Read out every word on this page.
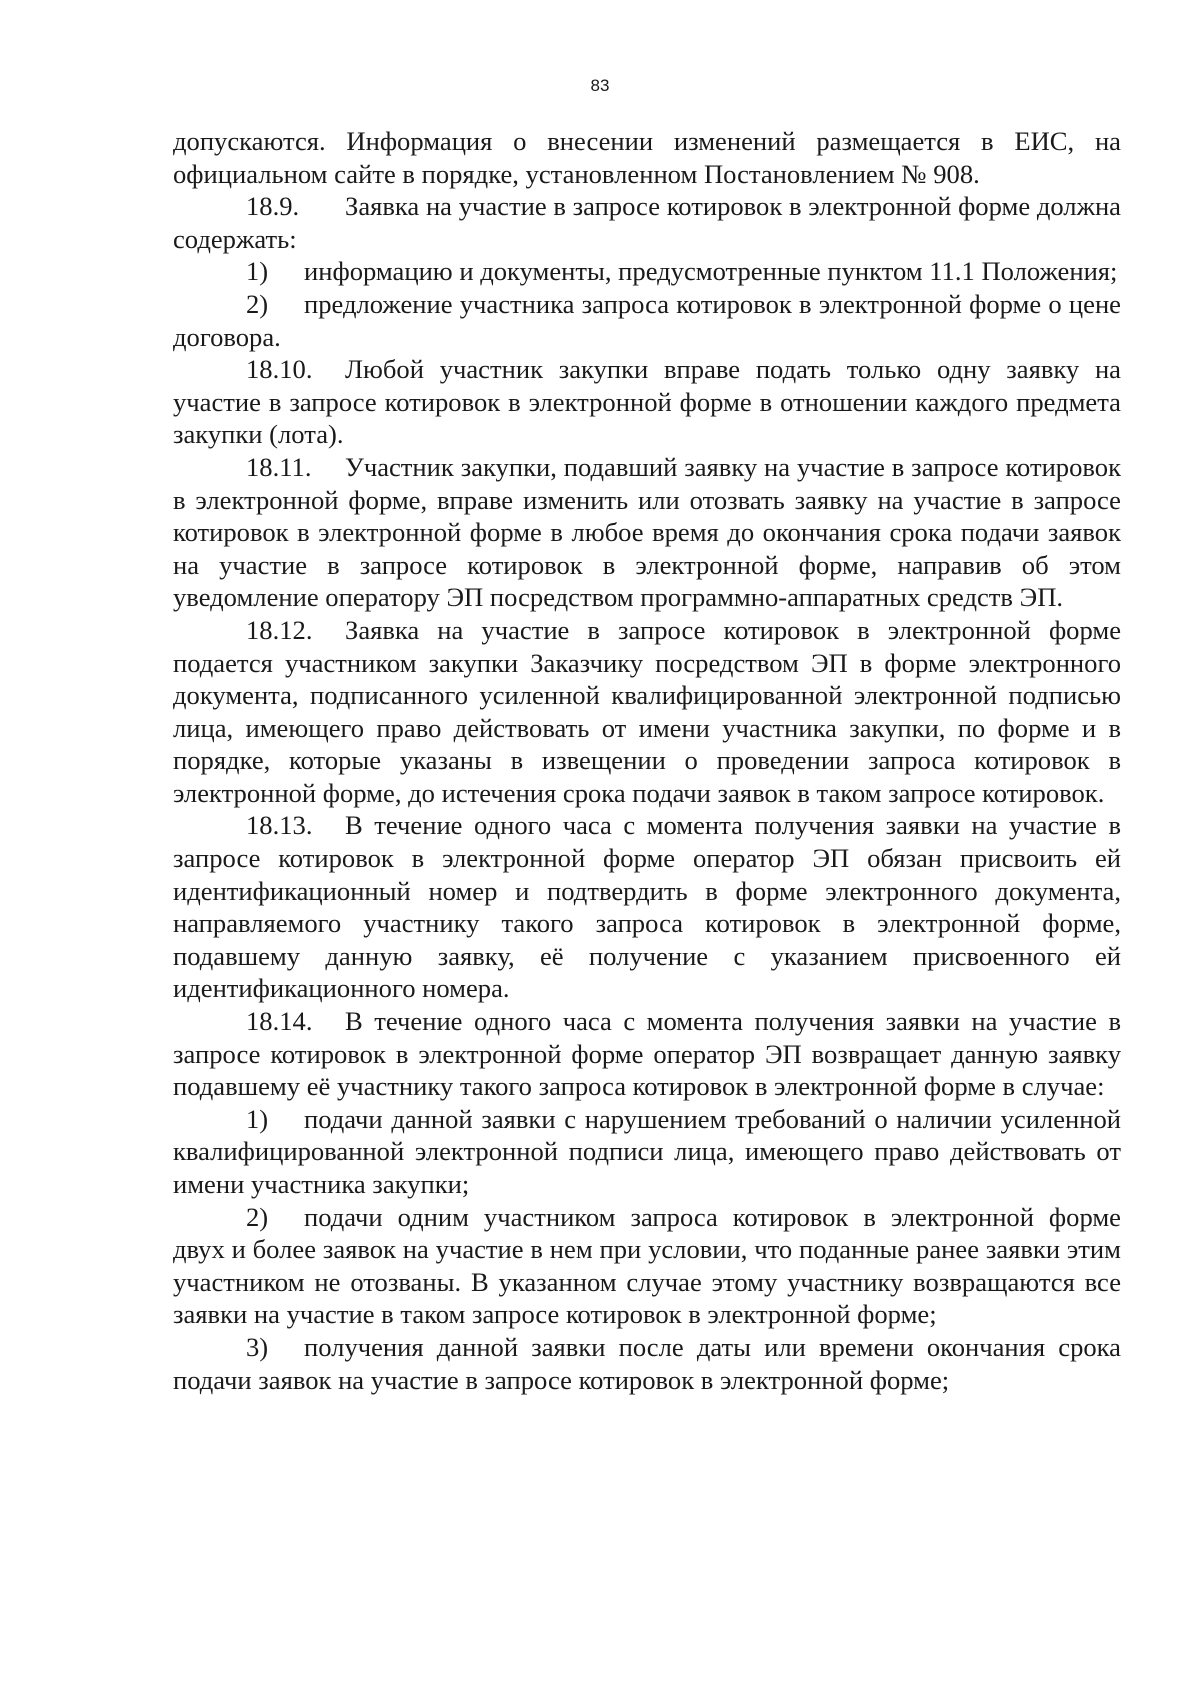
83

допускаются. Информация о внесении изменений размещается в ЕИС, на официальном сайте в порядке, установленном Постановлением № 908.

18.9. Заявка на участие в запросе котировок в электронной форме должна содержать:

1) информацию и документы, предусмотренные пунктом 11.1 Положения;

2) предложение участника запроса котировок в электронной форме о цене договора.

18.10. Любой участник закупки вправе подать только одну заявку на участие в запросе котировок в электронной форме в отношении каждого предмета закупки (лота).

18.11. Участник закупки, подавший заявку на участие в запросе котировок в электронной форме, вправе изменить или отозвать заявку на участие в запросе котировок в электронной форме в любое время до окончания срока подачи заявок на участие в запросе котировок в электронной форме, направив об этом уведомление оператору ЭП посредством программно-аппаратных средств ЭП.

18.12. Заявка на участие в запросе котировок в электронной форме подается участником закупки Заказчику посредством ЭП в форме электронного документа, подписанного усиленной квалифицированной электронной подписью лица, имеющего право действовать от имени участника закупки, по форме и в порядке, которые указаны в извещении о проведении запроса котировок в электронной форме, до истечения срока подачи заявок в таком запросе котировок.

18.13. В течение одного часа с момента получения заявки на участие в запросе котировок в электронной форме оператор ЭП обязан присвоить ей идентификационный номер и подтвердить в форме электронного документа, направляемого участнику такого запроса котировок в электронной форме, подавшему данную заявку, её получение с указанием присвоенного ей идентификационного номера.

18.14. В течение одного часа с момента получения заявки на участие в запросе котировок в электронной форме оператор ЭП возвращает данную заявку подавшему её участнику такого запроса котировок в электронной форме в случае:

1) подачи данной заявки с нарушением требований о наличии усиленной квалифицированной электронной подписи лица, имеющего право действовать от имени участника закупки;

2) подачи одним участником запроса котировок в электронной форме двух и более заявок на участие в нем при условии, что поданные ранее заявки этим участником не отозваны. В указанном случае этому участнику возвращаются все заявки на участие в таком запросе котировок в электронной форме;

3) получения данной заявки после даты или времени окончания срока подачи заявок на участие в запросе котировок в электронной форме;
